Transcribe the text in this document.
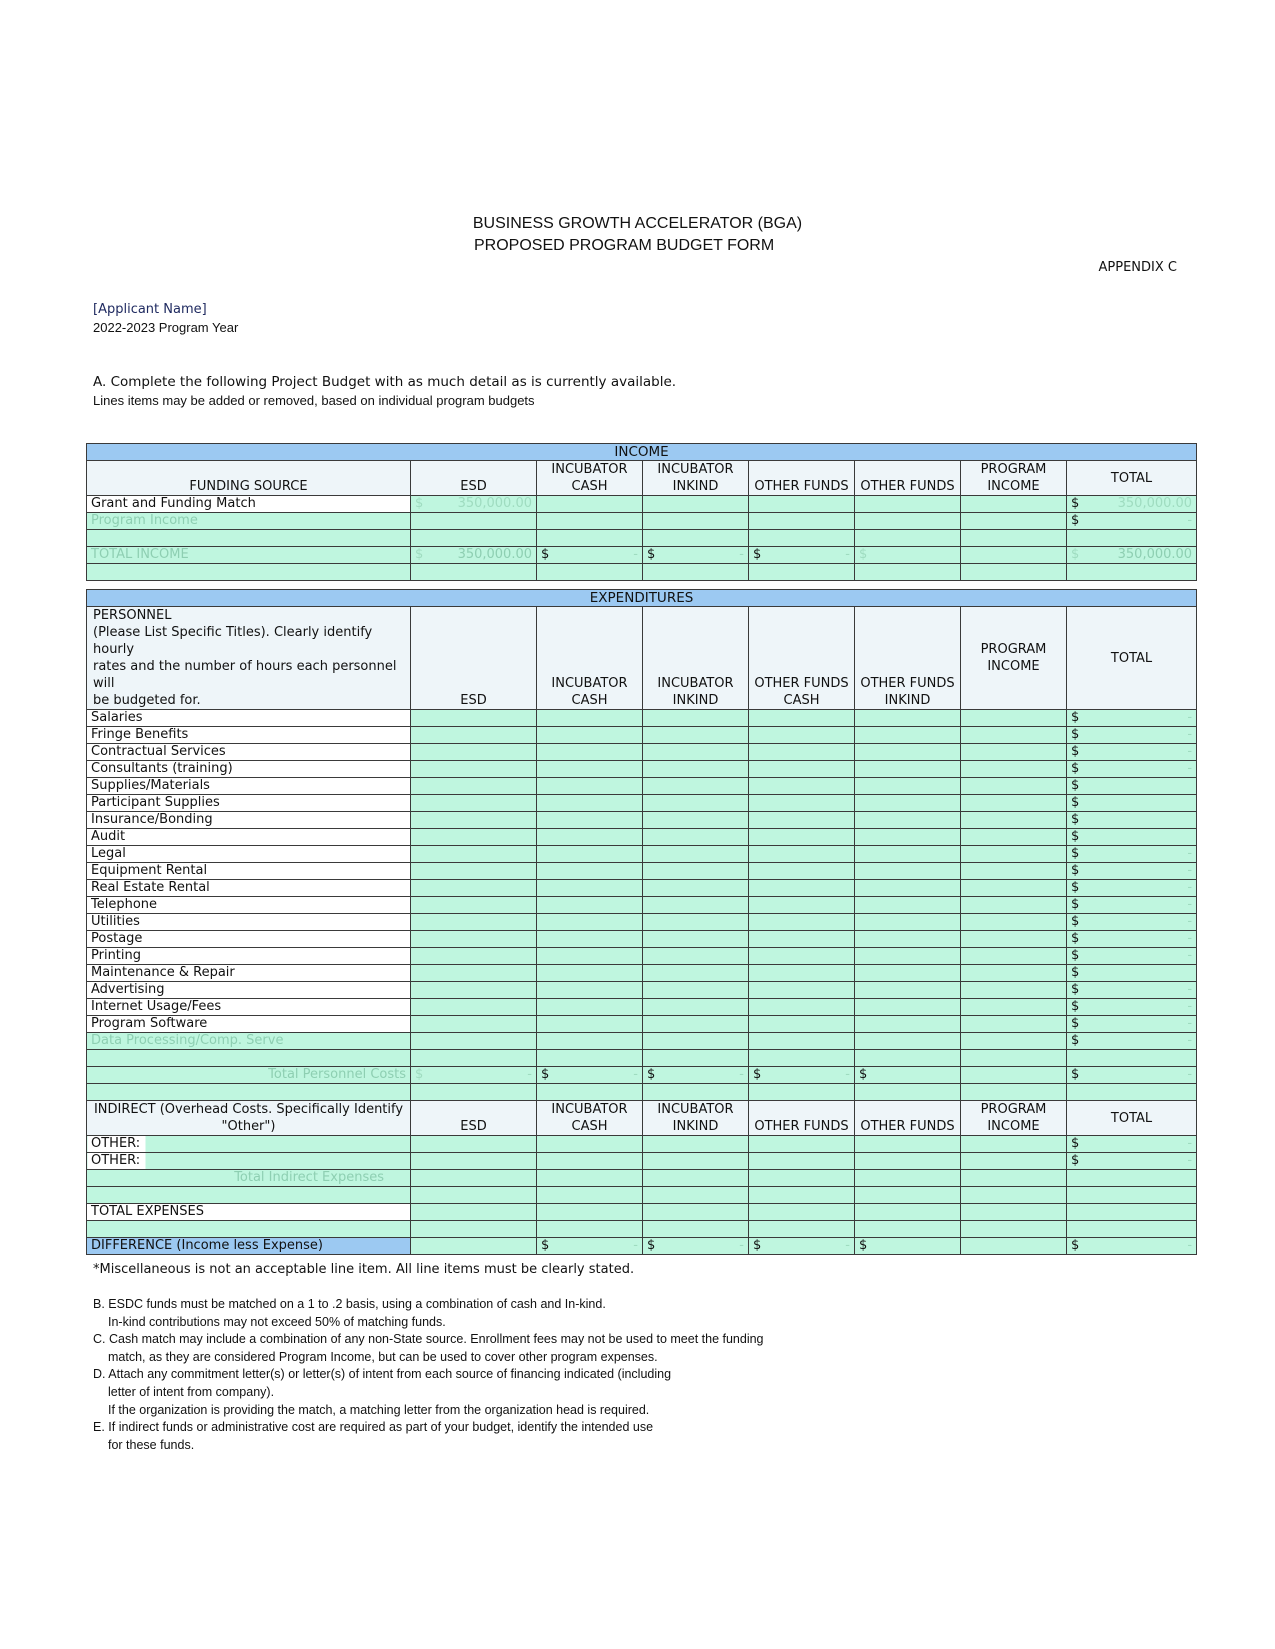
BUSINESS GROWTH ACCELERATOR (BGA)
PROPOSED PROGRAM BUDGET FORM
APPENDIX C
[Applicant Name]
2022-2023 Program Year
A. Complete the following Project Budget with as much detail as is currently available.
Lines items may be added or removed, based on individual program budgets
INCOME							
FUNDING SOURCE	ESD	INCUBATOR CASH	INCUBATOR INKIND	OTHER FUNDS	OTHER FUNDS	PROGRAM INCOME	TOTAL
Grant and Funding Match	$ 350,000.00						$ 350,000.00

Program Income							$ -

TOTAL INCOME	$ 350,000.00	$ -	$ -	$ -	$		$ 350,000.00

EXPENDITURES							

PERSONNEL
(Please List Specific Titles). Clearly identify hourly
rates and the number of hours each personnel will
be budgeted for.	ESD	INCUBATOR CASH	INCUBATOR INKIND	OTHER FUNDS CASH	OTHER FUNDS INKIND	PROGRAM INCOME	TOTAL
Salaries							$ -

Fringe Benefits							$ -

Contractual Services							$ -

Consultants (training)							$ -

Supplies/Materials							$

Participant Supplies							$

Insurance/Bonding							$

Audit							$

Legal							$ -

Equipment Rental							$ -

Real Estate Rental							$ -

Telephone							$ -

Utilities							$ -

Postage							$ -

Printing							$ -

Maintenance & Repair							$

Advertising							$ -

Internet Usage/Fees							$ -

Program Software							$ -

Data Processing/Comp. Serve							$ -

Total Personnel Costs	$ -	$ -	$ -	$ -	$		$ -

INDIRECT (Overhead Costs. Specifically Identify
"Other")	ESD	INCUBATOR CASH	INCUBATOR INKIND	OTHER FUNDS	OTHER FUNDS	PROGRAM INCOME	TOTAL
OTHER:							$ -

OTHER:							$ -

Total Indirect Expenses							

TOTAL EXPENSES							

DIFFERENCE (Income less Expense)		$ -	$ -	$ -	$		$ -
*Miscellaneous is not an acceptable line item. All line items must be clearly stated.
B. ESDC funds must be matched on a 1 to .2 basis, using a combination of cash and In-kind.
In-kind contributions may not exceed 50% of matching funds.
C. Cash match may include a combination of any non-State source. Enrollment fees may not be used to meet the funding
match, as they are considered Program Income, but can be used to cover other program expenses.
D. Attach any commitment letter(s) or letter(s) of intent from each source of financing indicated (including
letter of intent from company).
If the organization is providing the match, a matching letter from the organization head is required.
E. If indirect funds or administrative cost are required as part of your budget, identify the intended use
for these funds.
